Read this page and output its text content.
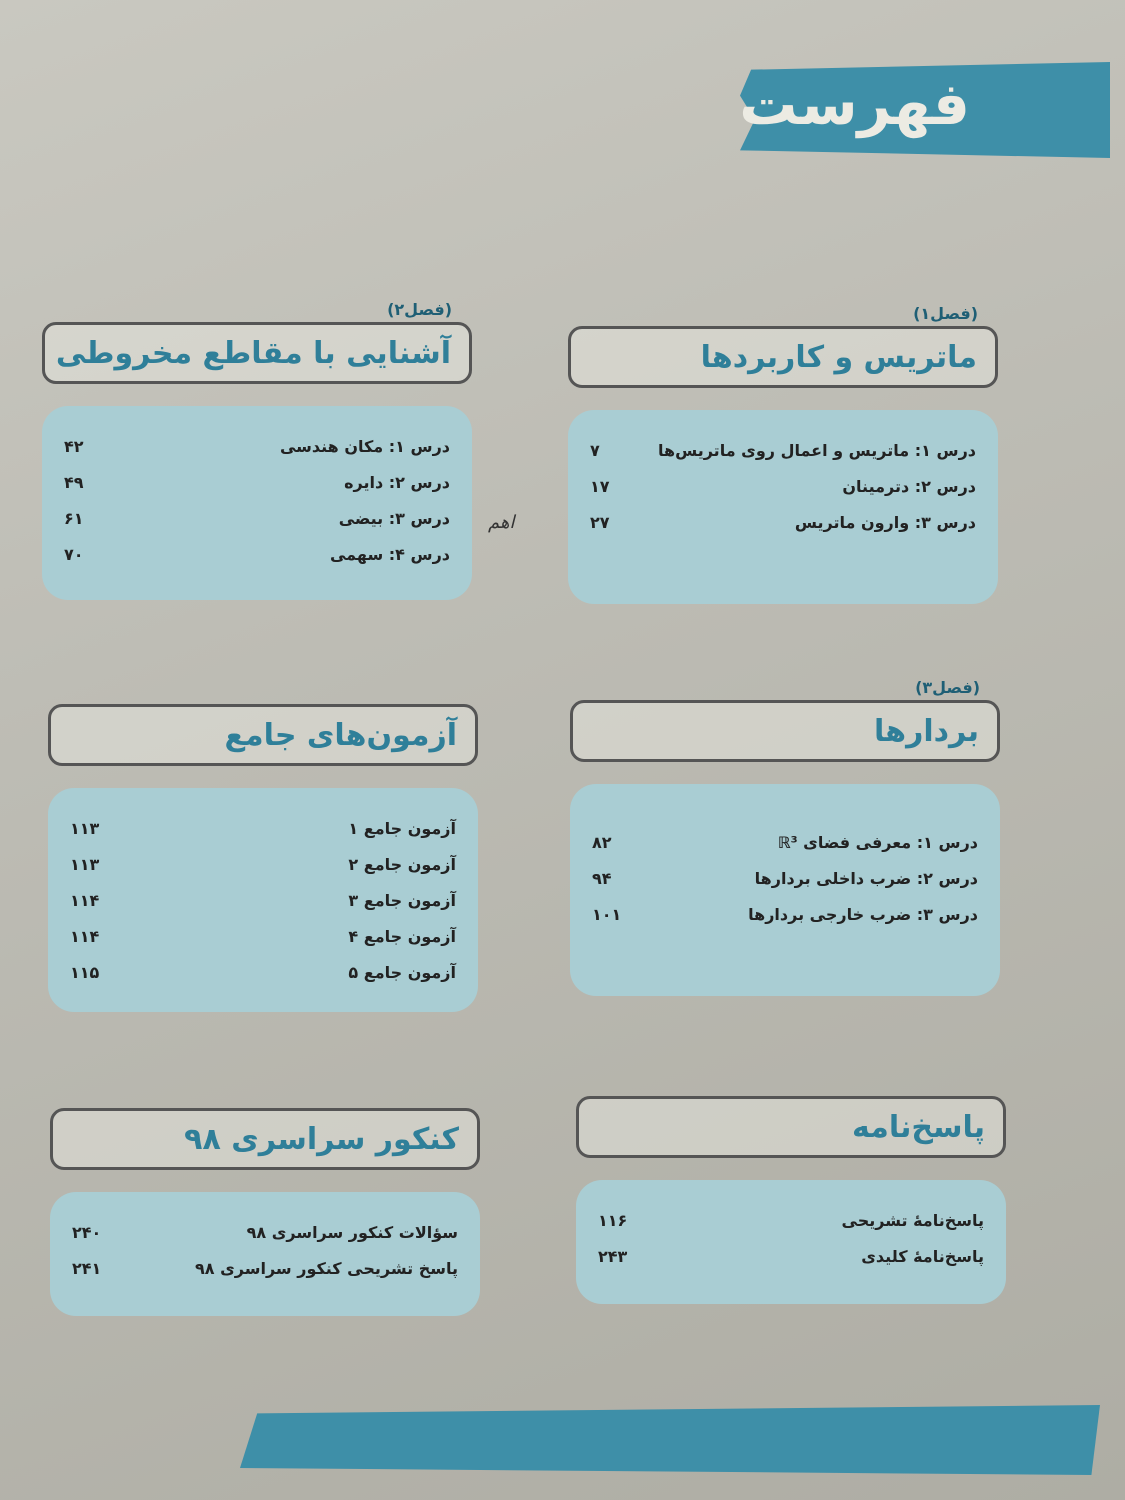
فهرست
(فصل۱)
ماتریس و کاربردها
درس ۱: ماتریس و اعمال روی ماتریس‌ها
۷
درس ۲: دترمینان
۱۷
درس ۳: وارون ماتریس
۲۷
(فصل۲)
آشنایی با مقاطع مخروطی
درس ۱: مکان هندسی
۴۲
درس ۲: دایره
۴۹
درس ۳: بیضی
۶۱
درس ۴: سهمی
۷۰
اهم
(فصل۳)
بردارها
درس ۱: معرفی فضای ℝ³
۸۲
درس ۲: ضرب داخلی بردارها
۹۴
درس ۳: ضرب خارجی بردارها
۱۰۱
آزمون‌های جامع
آزمون جامع ۱
۱۱۳
آزمون جامع ۲
۱۱۳
آزمون جامع ۳
۱۱۴
آزمون جامع ۴
۱۱۴
آزمون جامع ۵
۱۱۵
پاسخ‌نامه
پاسخ‌نامهٔ تشریحی
۱۱۶
پاسخ‌نامهٔ کلیدی
۲۴۳
کنکور سراسری ۹۸
سؤالات کنکور سراسری ۹۸
۲۴۰
پاسخ تشریحی کنکور سراسری ۹۸
۲۴۱
